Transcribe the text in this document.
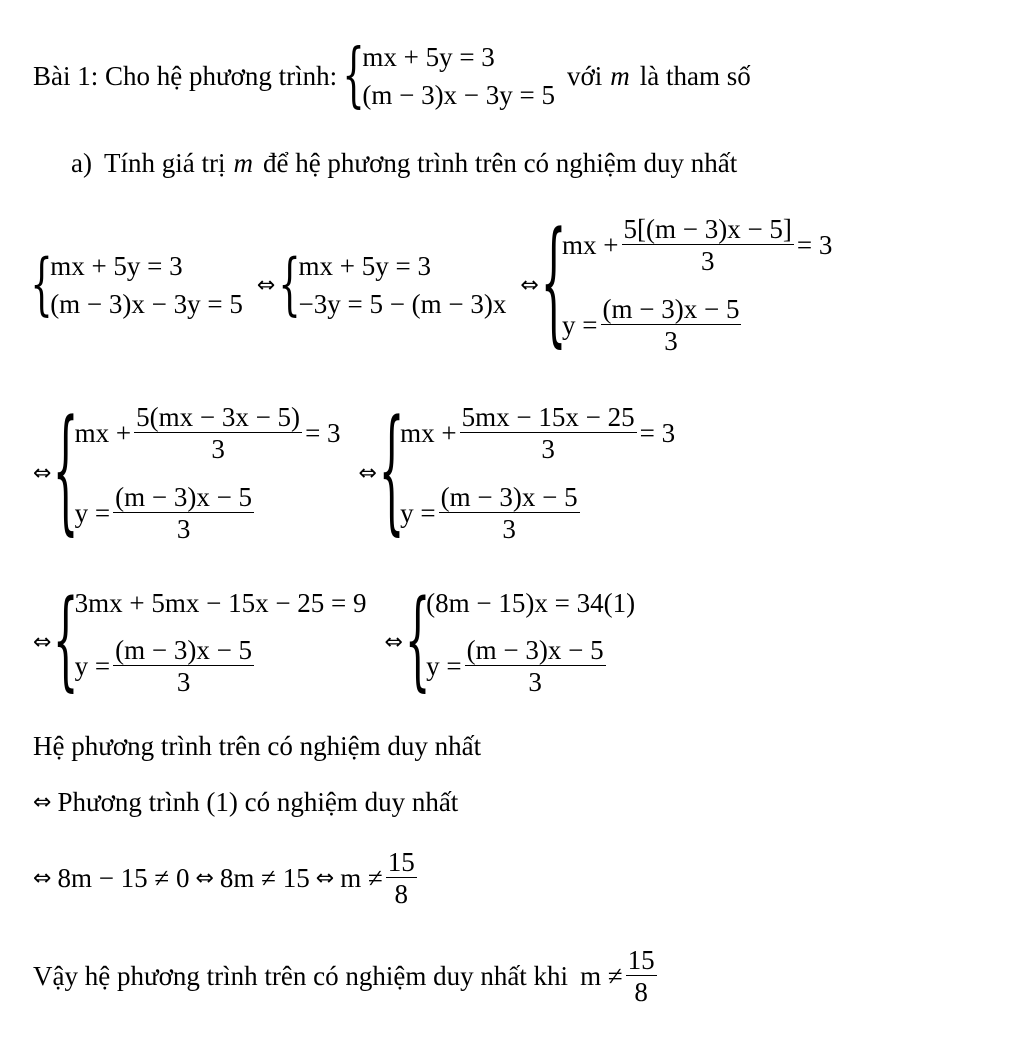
Bài 1: Cho hệ phương trình: {
mx + 5y = 3
(m − 3)x − 3y = 5
với m là tham số
a) Tính giá trị m để hệ phương trình trên có nghiệm duy nhất
{
mx + 5y = 3
(m − 3)x − 3y = 5
⇔ {
mx + 5y = 3
−3y = 5 − (m − 3)x
⇔ {
mx + $\frac{5[(m - 3)x - 5]}{3} = 3$
$y = \frac{(m - 3)x - 5}{3}$
⇔ {
mx + $\frac{5(mx - 3x - 5)}{3} = 3$
$y = \frac{(m - 3)x - 5}{3}$
⇔ {
mx + $\frac{5mx - 15x - 25}{3} = 3$
$y = \frac{(m - 3)x - 5}{3}$
⇔ {
3mx + 5mx − 15x − 25 = 9
$y = \frac{(m - 3)x - 5}{3}$	⇔ {
(8m − 15)x = 34(1)
$y = \frac{(m - 3)x - 5}{3}$
Hệ phương trình trên có nghiệm duy nhất
⇔ Phương trình (1) có nghiệm duy nhất
⇔ 8m − 15 ≠ 0 ⇔ 8m ≠ 15 ⇔ $m \ne \frac{15}{8}$
Vậy hệ phương trình trên có nghiệm duy nhất khi $m \ne \frac{15}{8}$
